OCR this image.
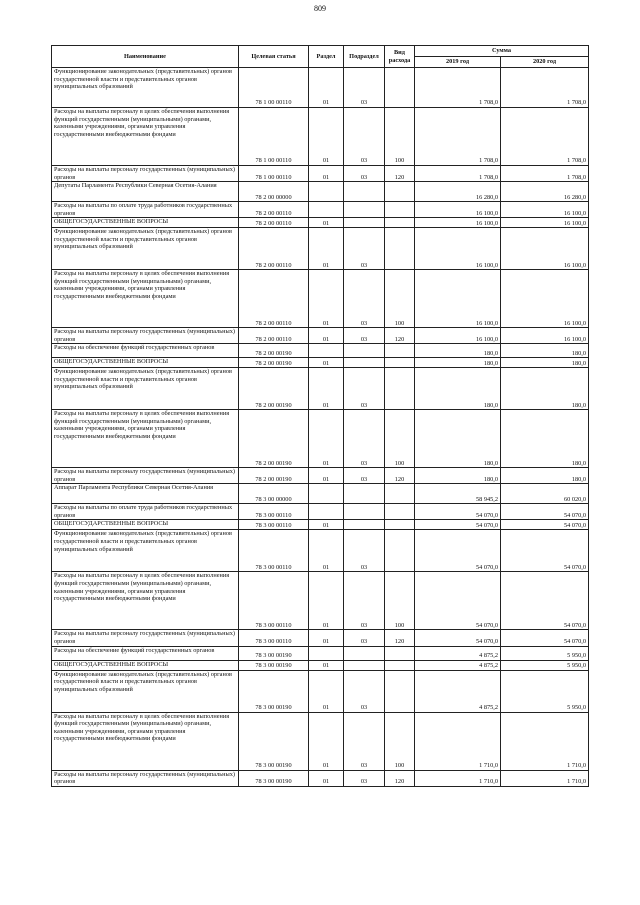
809
Наименование	Целевая статья	Раздел	Подраздел	Вид расхода	Сумма	
					2019 год	2020 год
Функционирование законодательных (представительных) органов государственной власти и представительных органов муниципальных образований	78 1 00 00110	01	03		1 708,0	1 708,0
Расходы на выплаты персоналу в целях обеспечения выполнения функций государственными (муниципальными) органами, казенными учреждениями, органами управления государственными внебюджетными фондами	78 1 00 00110	01	03	100	1 708,0	1 708,0
Расходы на выплаты персоналу государственных (муниципальных) органов	78 1 00 00110	01	03	120	1 708,0	1 708,0
Депутаты Парламента Республики Северная Осетия-Алания	78 2 00 00000				16 280,0	16 280,0
Расходы на выплаты по оплате труда работников государственных органов	78 2 00 00110				16 100,0	16 100,0
ОБЩЕГОСУДАРСТВЕННЫЕ ВОПРОСЫ	78 2 00 00110	01			16 100,0	16 100,0
Функционирование законодательных (представительных) органов государственной власти и представительных органов муниципальных образований	78 2 00 00110	01	03		16 100,0	16 100,0
Расходы на выплаты персоналу в целях обеспечения выполнения функций государственными (муниципальными) органами, казенными учреждениями, органами управления государственными внебюджетными фондами	78 2 00 00110	01	03	100	16 100,0	16 100,0
Расходы на выплаты персоналу государственных (муниципальных) органов	78 2 00 00110	01	03	120	16 100,0	16 100,0
Расходы на обеспечение функций государственных органов	78 2 00 00190				180,0	180,0
ОБЩЕГОСУДАРСТВЕННЫЕ ВОПРОСЫ	78 2 00 00190	01			180,0	180,0
Функционирование законодательных (представительных) органов государственной власти и представительных органов муниципальных образований	78 2 00 00190	01	03		180,0	180,0
Расходы на выплаты персоналу в целях обеспечения выполнения функций государственными (муниципальными) органами, казенными учреждениями, органами управления государственными внебюджетными фондами	78 2 00 00190	01	03	100	180,0	180,0
Расходы на выплаты персоналу государственных (муниципальных) органов	78 2 00 00190	01	03	120	180,0	180,0
Аппарат Парламента Республики Северная Осетия-Алания	78 3 00 00000				58 945,2	60 020,0
Расходы на выплаты по оплате труда работников государственных органов	78 3 00 00110				54 070,0	54 070,0
ОБЩЕГОСУДАРСТВЕННЫЕ ВОПРОСЫ	78 3 00 00110	01			54 070,0	54 070,0
Функционирование законодательных (представительных) органов государственной власти и представительных органов муниципальных образований	78 3 00 00110	01	03		54 070,0	54 070,0
Расходы на выплаты персоналу в целях обеспечения выполнения функций государственными (муниципальными) органами, казенными учреждениями, органами управления государственными внебюджетными фондами	78 3 00 00110	01	03	100	54 070,0	54 070,0
Расходы на выплаты персоналу государственных (муниципальных) органов	78 3 00 00110	01	03	120	54 070,0	54 070,0
Расходы на обеспечение функций государственных органов	78 3 00 00190				4 875,2	5 950,0
ОБЩЕГОСУДАРСТВЕННЫЕ ВОПРОСЫ	78 3 00 00190	01			4 875,2	5 950,0
Функционирование законодательных (представительных) органов государственной власти и представительных органов муниципальных образований	78 3 00 00190	01	03		4 875,2	5 950,0
Расходы на выплаты персоналу в целях обеспечения выполнения функций государственными (муниципальными) органами, казенными учреждениями, органами управления государственными внебюджетными фондами	78 3 00 00190	01	03	100	1 710,0	1 710,0
Расходы на выплаты персоналу государственных (муниципальных) органов	78 3 00 00190	01	03	120	1 710,0	1 710,0
